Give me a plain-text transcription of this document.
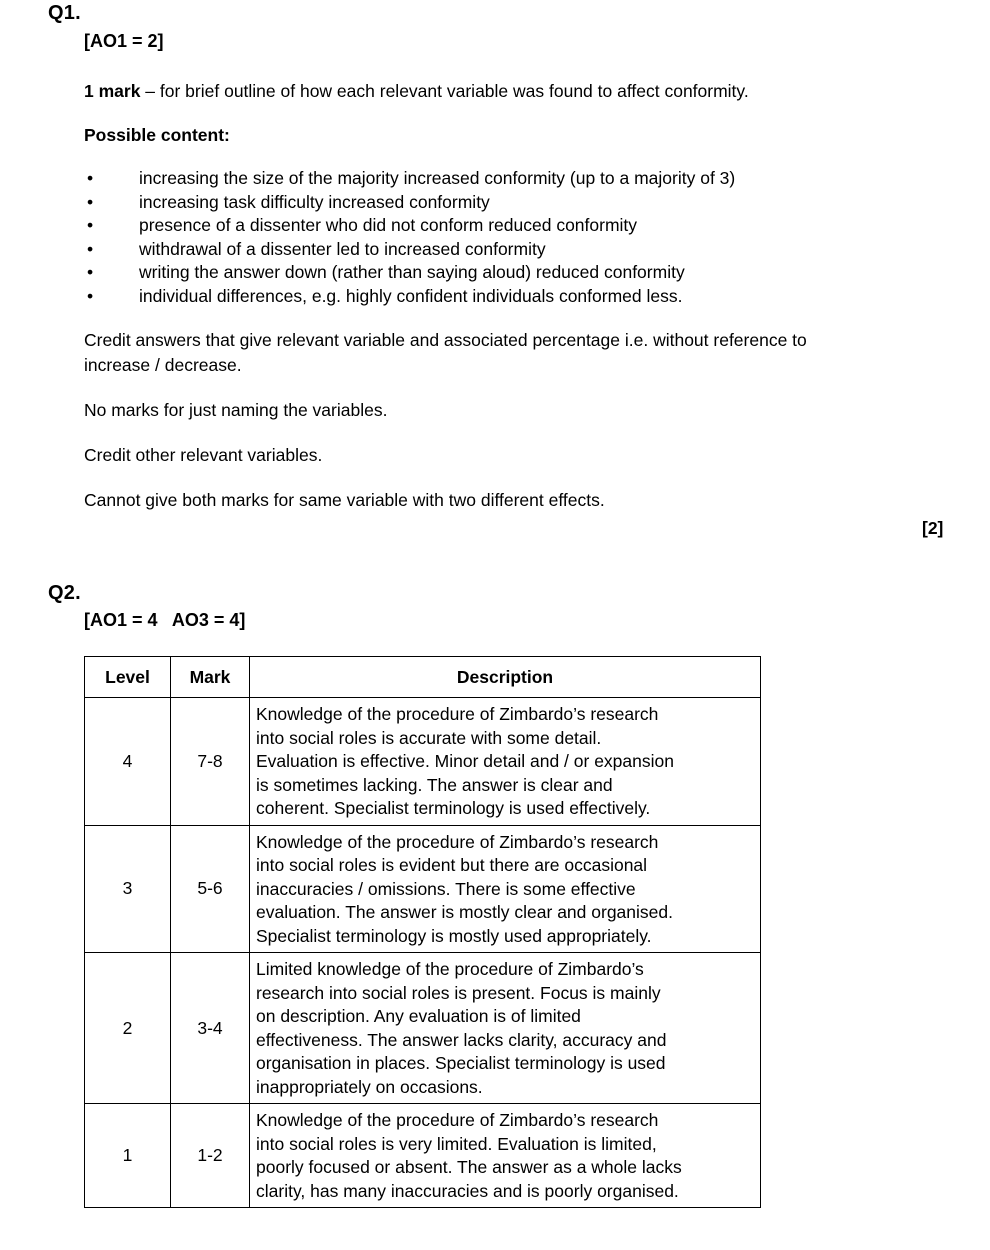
Q1.
[AO1 = 2]
1 mark – for brief outline of how each relevant variable was found to affect conformity.
Possible content:
•	increasing the size of the majority increased conformity (up to a majority of 3)
•	increasing task difficulty increased conformity
•	presence of a dissenter who did not conform reduced conformity
•	withdrawal of a dissenter led to increased conformity
•	writing the answer down (rather than saying aloud) reduced conformity
•	individual differences, e.g. highly confident individuals conformed less.
Credit answers that give relevant variable and associated percentage i.e. without reference to increase / decrease.
No marks for just naming the variables.
Credit other relevant variables.
Cannot give both marks for same variable with two different effects.
[2]
Q2.
[AO1 = 4   AO3 = 4]
Level	Mark	Description
4	7-8	Knowledge of the procedure of Zimbardo’s research
into social roles is accurate with some detail.
Evaluation is effective. Minor detail and / or expansion
is sometimes lacking. The answer is clear and
coherent. Specialist terminology is used effectively.

3	5-6	Knowledge of the procedure of Zimbardo’s research
into social roles is evident but there are occasional
inaccuracies / omissions. There is some effective
evaluation. The answer is mostly clear and organised.
Specialist terminology is mostly used appropriately.

2	3-4	
Limited knowledge of the procedure of Zimbardo’s
research into social roles is present. Focus is mainly
on description. Any evaluation is of limited
effectiveness. The answer lacks clarity, accuracy and
organisation in places. Specialist terminology is used
inappropriately on occasions.

1	1-2	Knowledge of the procedure of Zimbardo’s research
into social roles is very limited. Evaluation is limited,
poorly focused or absent. The answer as a whole lacks
clarity, has many inaccuracies and is poorly organised.
